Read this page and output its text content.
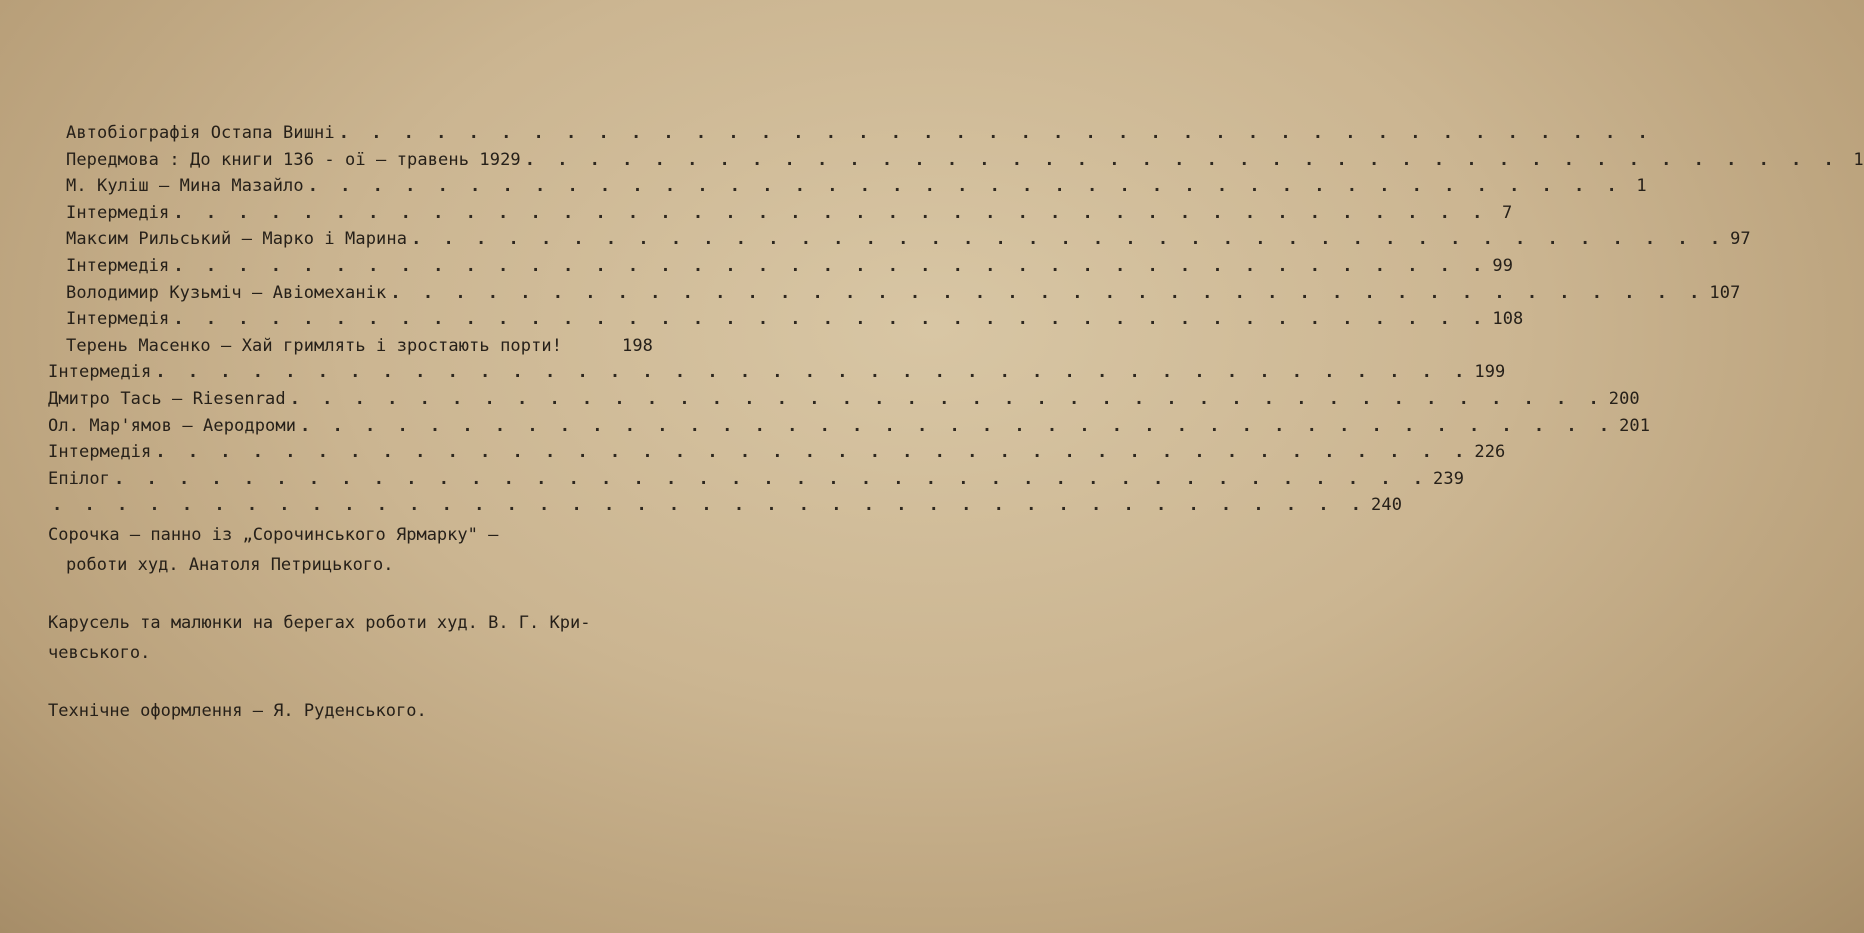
Автобіографія Остапа Вишні . . . . . . . . . . . . . . . . . . . . . . . . . . . . . . . . . . . . . . . . .
Передмова : До книги 136 - ої — травень 1929 . . . . . . . . . . . . . . . . . . . . . . . . . . . . . . . . . . . . . . . . . 1
М. Куліш — Мина Мазайло . . . . . . . . . . . . . . . . . . . . . . . . . . . . . . . . . . . . . . . . . 1
Інтермедія . . . . . . . . . . . . . . . . . . . . . . . . . . . . . . . . . . . . . . . . . 7
Максим Рильський — Марко і Марина . . . . . . . . . . . . . . . . . . . . . . . . . . . . . . . . . . . . . . . . . 97
Інтермедія . . . . . . . . . . . . . . . . . . . . . . . . . . . . . . . . . . . . . . . . . 99
Володимир Кузьміч — Авіомеханік . . . . . . . . . . . . . . . . . . . . . . . . . . . . . . . . . . . . . . . . . 107
Інтермедія . . . . . . . . . . . . . . . . . . . . . . . . . . . . . . . . . . . . . . . . . 108
Терень Масенко — Хай гримлять і зростають порти!	198
Інтермедія . . . . . . . . . . . . . . . . . . . . . . . . . . . . . . . . . . . . . . . . . 199
Дмитро Тась — Riesenrad . . . . . . . . . . . . . . . . . . . . . . . . . . . . . . . . . . . . . . . . . 200
Ол. Мар'ямов — Аеродроми . . . . . . . . . . . . . . . . . . . . . . . . . . . . . . . . . . . . . . . . . 201
Інтермедія . . . . . . . . . . . . . . . . . . . . . . . . . . . . . . . . . . . . . . . . . 226
Епілог . . . . . . . . . . . . . . . . . . . . . . . . . . . . . . . . . . . . . . . . . 239
. . . . . . . . . . . . . . . . . . . . . . . . . . . . . . . . . . . . . . . . . 240

Сорочка — панно із „Сорочинського Ярмарку" —

роботи худ. Анатоля Петрицького.

Карусель та малюнки на берегах роботи худ. В. Г. Кри-

чевського.

Технічне оформлення — Я. Руденського.
